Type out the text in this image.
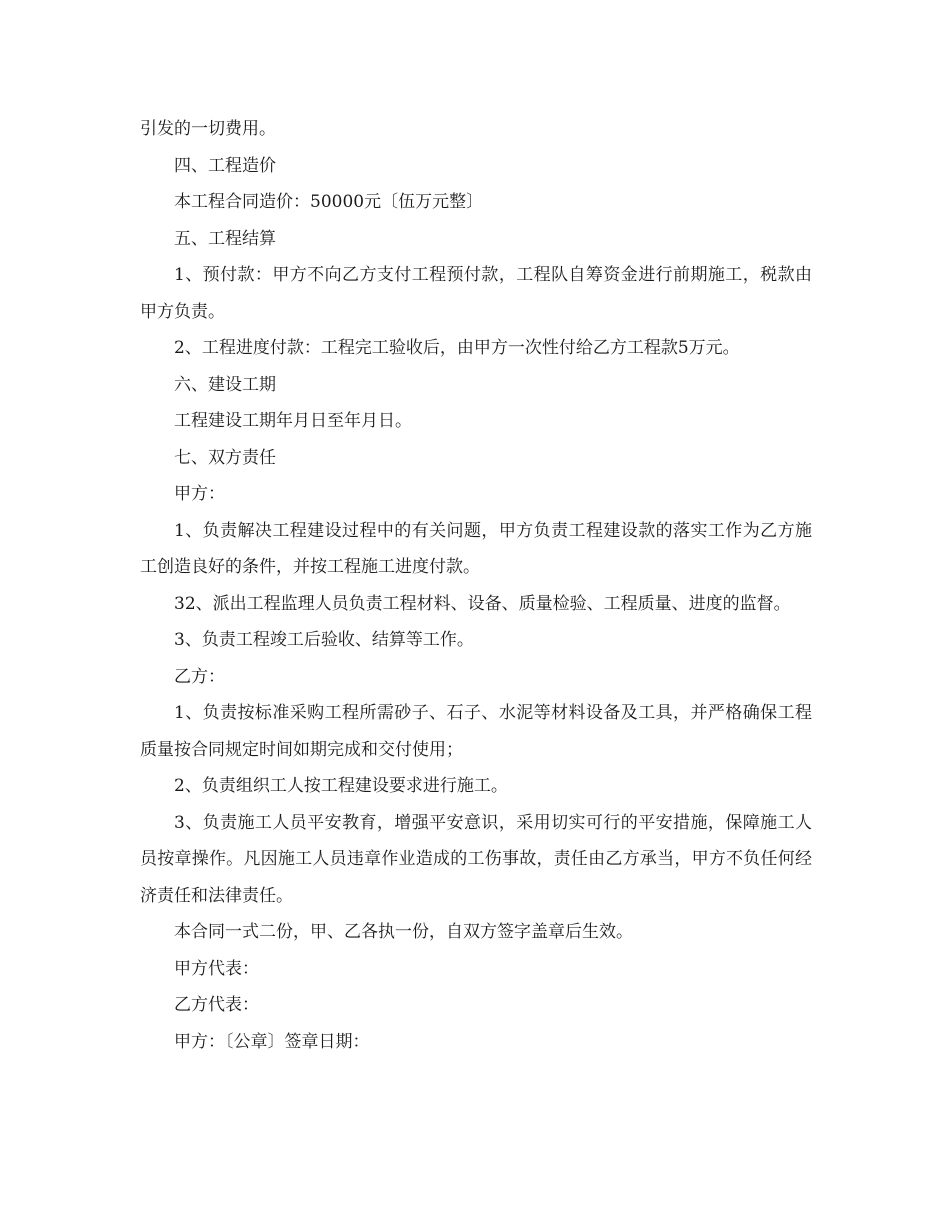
引发的一切费用。

四、工程造价

本工程合同造价：50000元〔伍万元整〕

五、工程结算

1、预付款：甲方不向乙方支付工程预付款，工程队自筹资金进行前期施工，税款由甲方负责。

2、工程进度付款：工程完工验收后，由甲方一次性付给乙方工程款5万元。

六、建设工期

工程建设工期年月日至年月日。

七、双方责任

甲方：

1、负责解决工程建设过程中的有关问题，甲方负责工程建设款的落实工作为乙方施工创造良好的条件，并按工程施工进度付款。

32、派出工程监理人员负责工程材料、设备、质量检验、工程质量、进度的监督。

3、负责工程竣工后验收、结算等工作。

乙方：

1、负责按标准采购工程所需砂子、石子、水泥等材料设备及工具，并严格确保工程质量按合同规定时间如期完成和交付使用；

2、负责组织工人按工程建设要求进行施工。

3、负责施工人员平安教育，增强平安意识，采用切实可行的平安措施，保障施工人员按章操作。凡因施工人员违章作业造成的工伤事故，责任由乙方承当，甲方不负任何经济责任和法律责任。

本合同一式二份，甲、乙各执一份，自双方签字盖章后生效。

甲方代表：

乙方代表：

甲方：〔公章〕签章日期：
